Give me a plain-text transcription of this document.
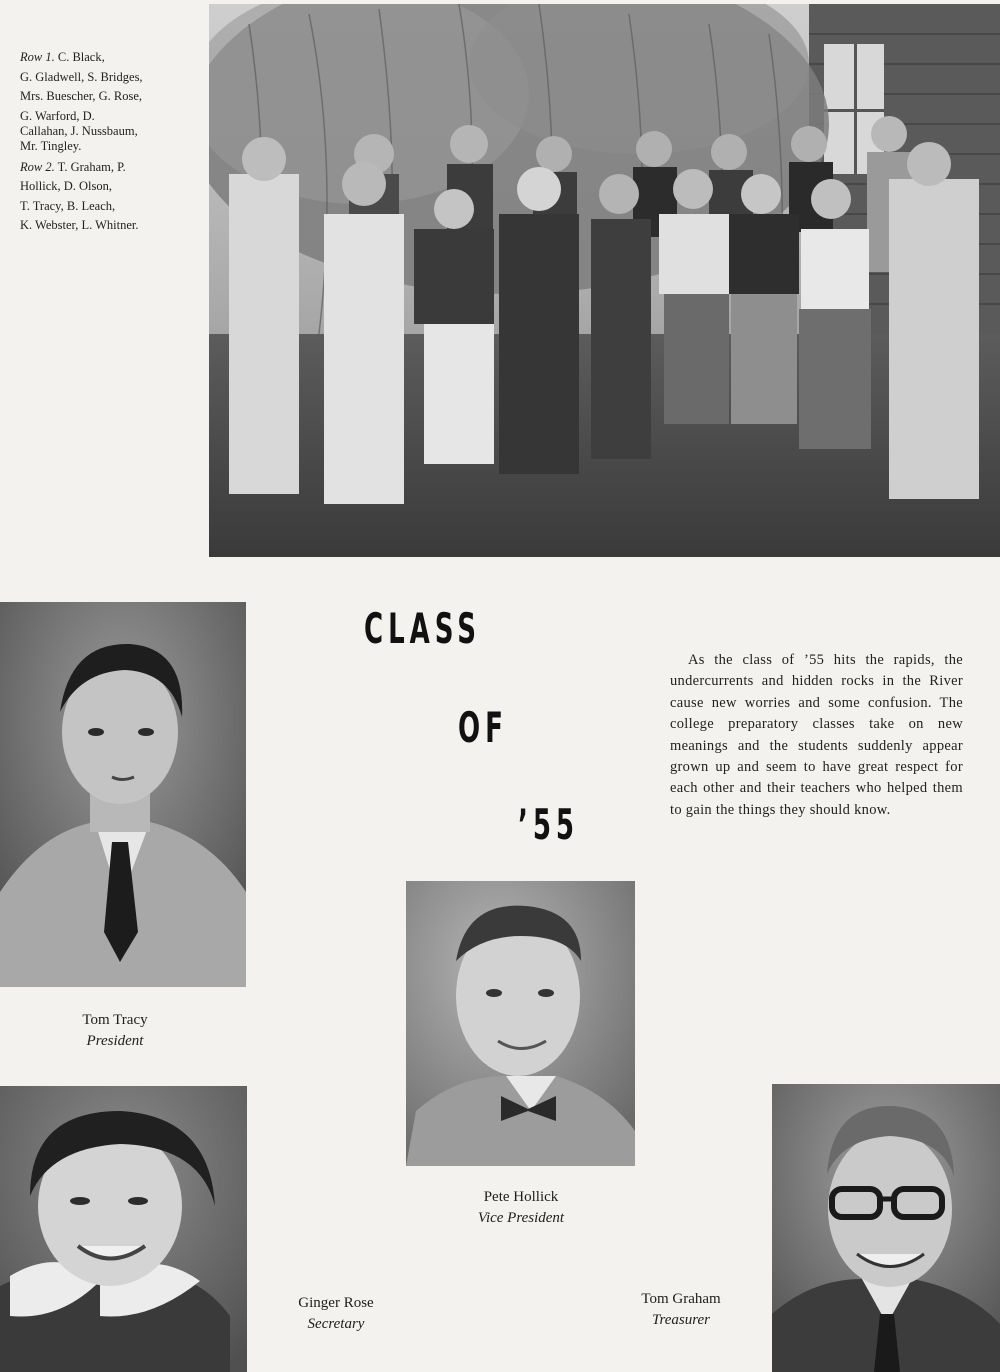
Row 1. C. Black,
G. Gladwell, S. Bridges,
Mrs. Buescher, G. Rose,
G. Warford, D.
Callahan, J. Nussbaum,
Mr. Tingley.
Row 2. T. Graham, P.
Hollick, D. Olson,
T. Tracy, B. Leach,
K. Webster, L. Whitner.
CLASS
OF
’55
As the class of ’55 hits the rapids, the undercurrents and hidden rocks in the River cause new worries and some confusion. The college preparatory classes take on new meanings and the students suddenly appear grown up and seem to have great respect for each other and their teachers who helped them to gain the things they should know.
Tom Tracy
President
Pete Hollick
Vice President
Ginger Rose
Secretary
Tom Graham
Treasurer
